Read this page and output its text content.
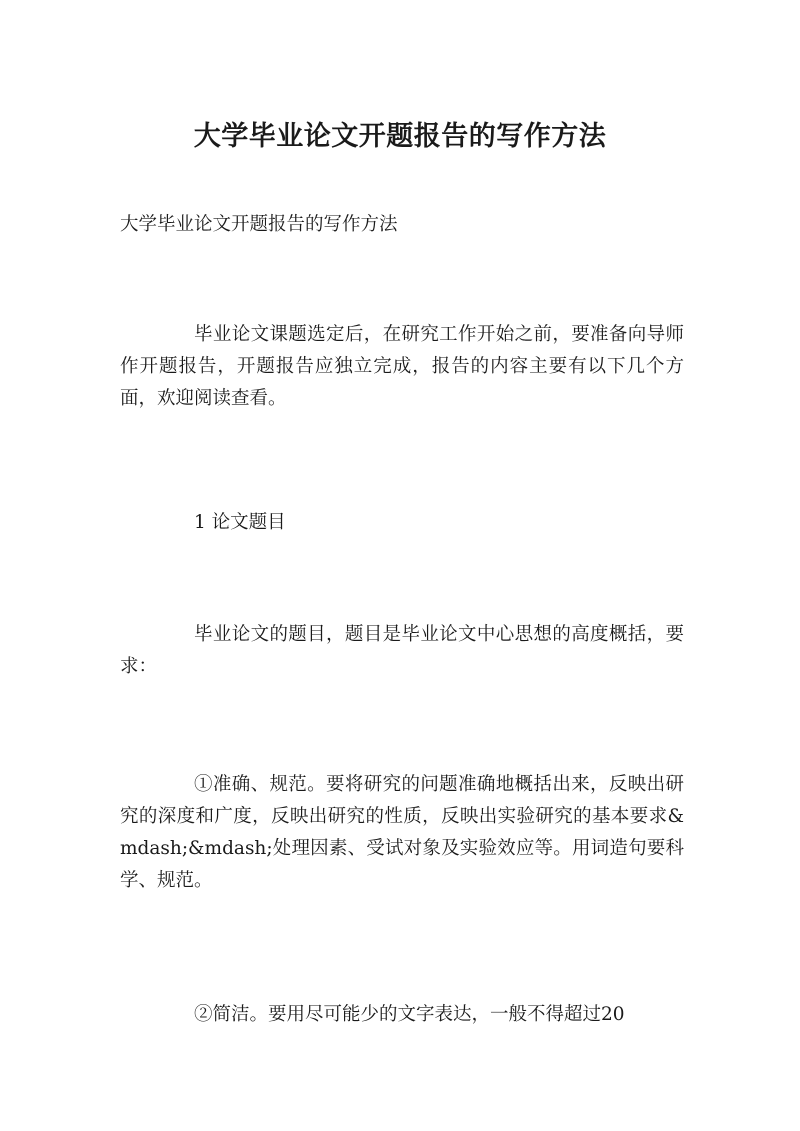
大学毕业论文开题报告的写作方法

大学毕业论文开题报告的写作方法

毕业论文课题选定后，在研究工作开始之前，要准备向导师作开题报告，开题报告应独立完成，报告的内容主要有以下几个方面，欢迎阅读查看。

1 论文题目

毕业论文的题目，题目是毕业论文中心思想的高度概括，要求：

①准确、规范。要将研究的问题准确地概括出来，反映出研究的深度和广度，反映出研究的性质，反映出实验研究的基本要求&mdash;&mdash;处理因素、受试对象及实验效应等。用词造句要科学、规范。

②简洁。要用尽可能少的文字表达，一般不得超过20
